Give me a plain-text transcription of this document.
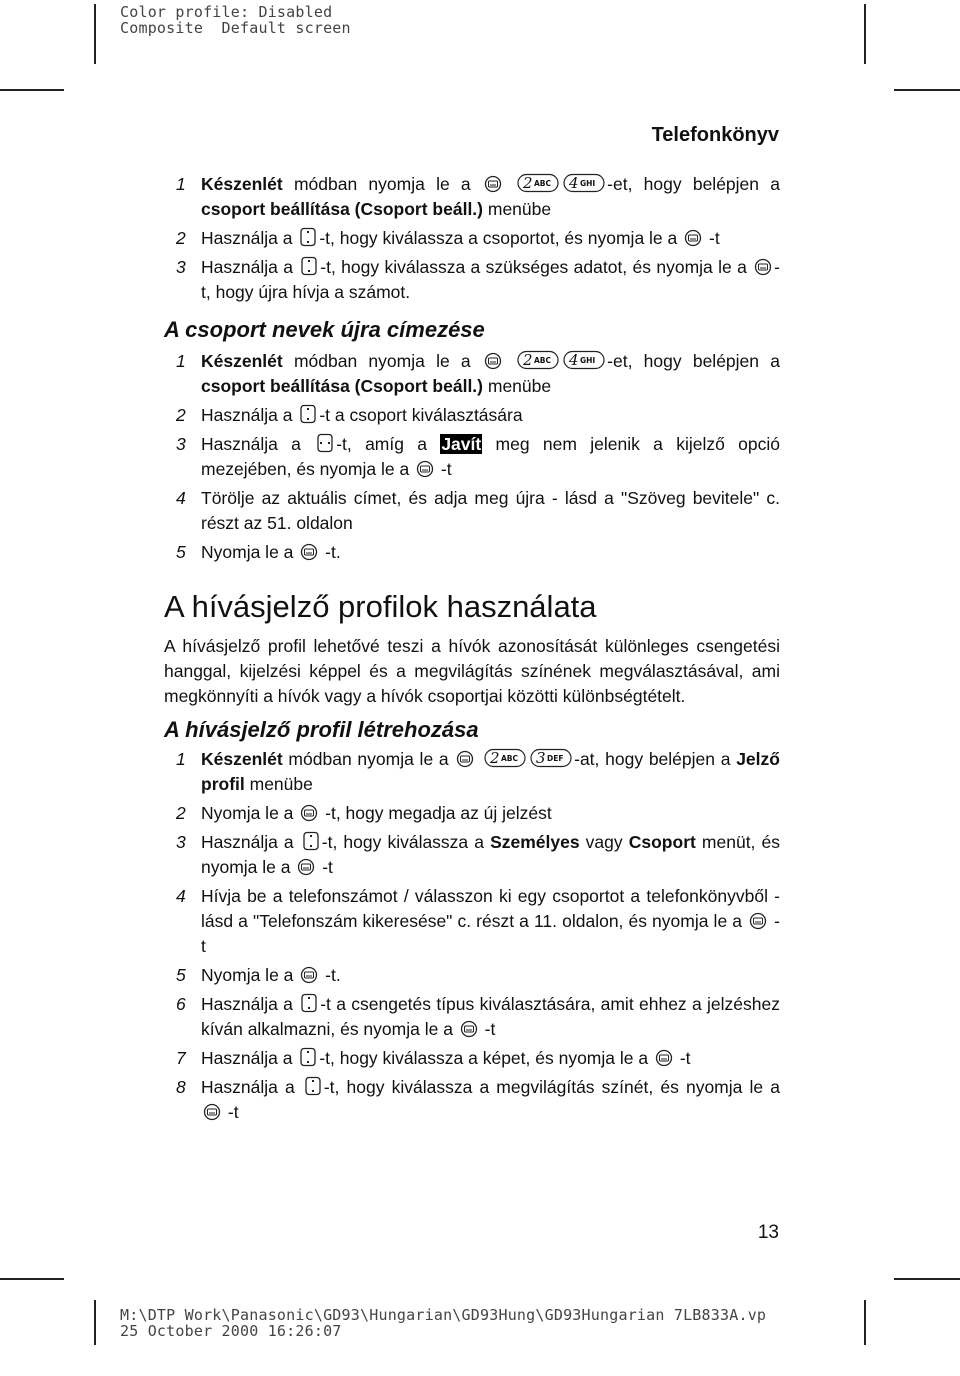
Color profile: Disabled
Composite  Default screen
Telefonkönyv
1 Készenlét módban nyomja le a	2 ABC 4 GHI -et, hogy belépjen a csoport beállítása (Csoport beáll.) menübe
2 Használja a -t, hogy kiválassza a csoportot, és nyomja le a  -t
3 Használja a -t, hogy kiválassza a szükséges adatot, és nyomja le a -t, hogy újra hívja a számot.
A csoport nevek újra címezése
1 Készenlét módban nyomja le a	2 ABC 4 GHI -et, hogy belépjen a csoport beállítása (Csoport beáll.) menübe
2 Használja a -t a csoport kiválasztására
3 Használja a -t, amíg a Javít meg nem jelenik a kijelző opció mezejében, és nyomja le a  -t
4 Törölje az aktuális címet, és adja meg újra - lásd a "Szöveg bevitele" c. részt az 51. oldalon
5 Nyomja le a  -t.
A hívásjelző profilok használata
A hívásjelző profil lehetővé teszi a hívók azonosítását különleges csengetési hanggal, kijelzési képpel és a megvilágítás színének megválasztásával, ami megkönnyíti a hívók vagy a hívók csoportjai közötti különbségtételt.
A hívásjelző profil létrehozása
1 Készenlét módban nyomja le a 2 ABC 3 DEF -at, hogy belépjen a Jelző profil menübe
2 Nyomja le a  -t, hogy megadja az új jelzést
3 Használja a -t, hogy kiválassza a Személyes vagy Csoport menüt, és nyomja le a  -t
4 Hívja be a telefonszámot / válasszon ki egy csoportot a telefonkönyvből - lásd a "Telefonszám kikeresése" c. részt a 11. oldalon, és nyomja le a  -t
5 Nyomja le a  -t.
6 Használja a -t a csengetés típus kiválasztására, amit ehhez a jelzéshez kíván alkalmazni, és nyomja le a  -t
7 Használja a -t, hogy kiválassza a képet, és nyomja le a  -t
8 Használja a -t, hogy kiválassza a megvilágítás színét, és nyomja le a  -t
13
M:\DTP Work\Panasonic\GD93\Hungarian\GD93Hung\GD93Hungarian 7LB833A.vp
25 October 2000 16:26:07
